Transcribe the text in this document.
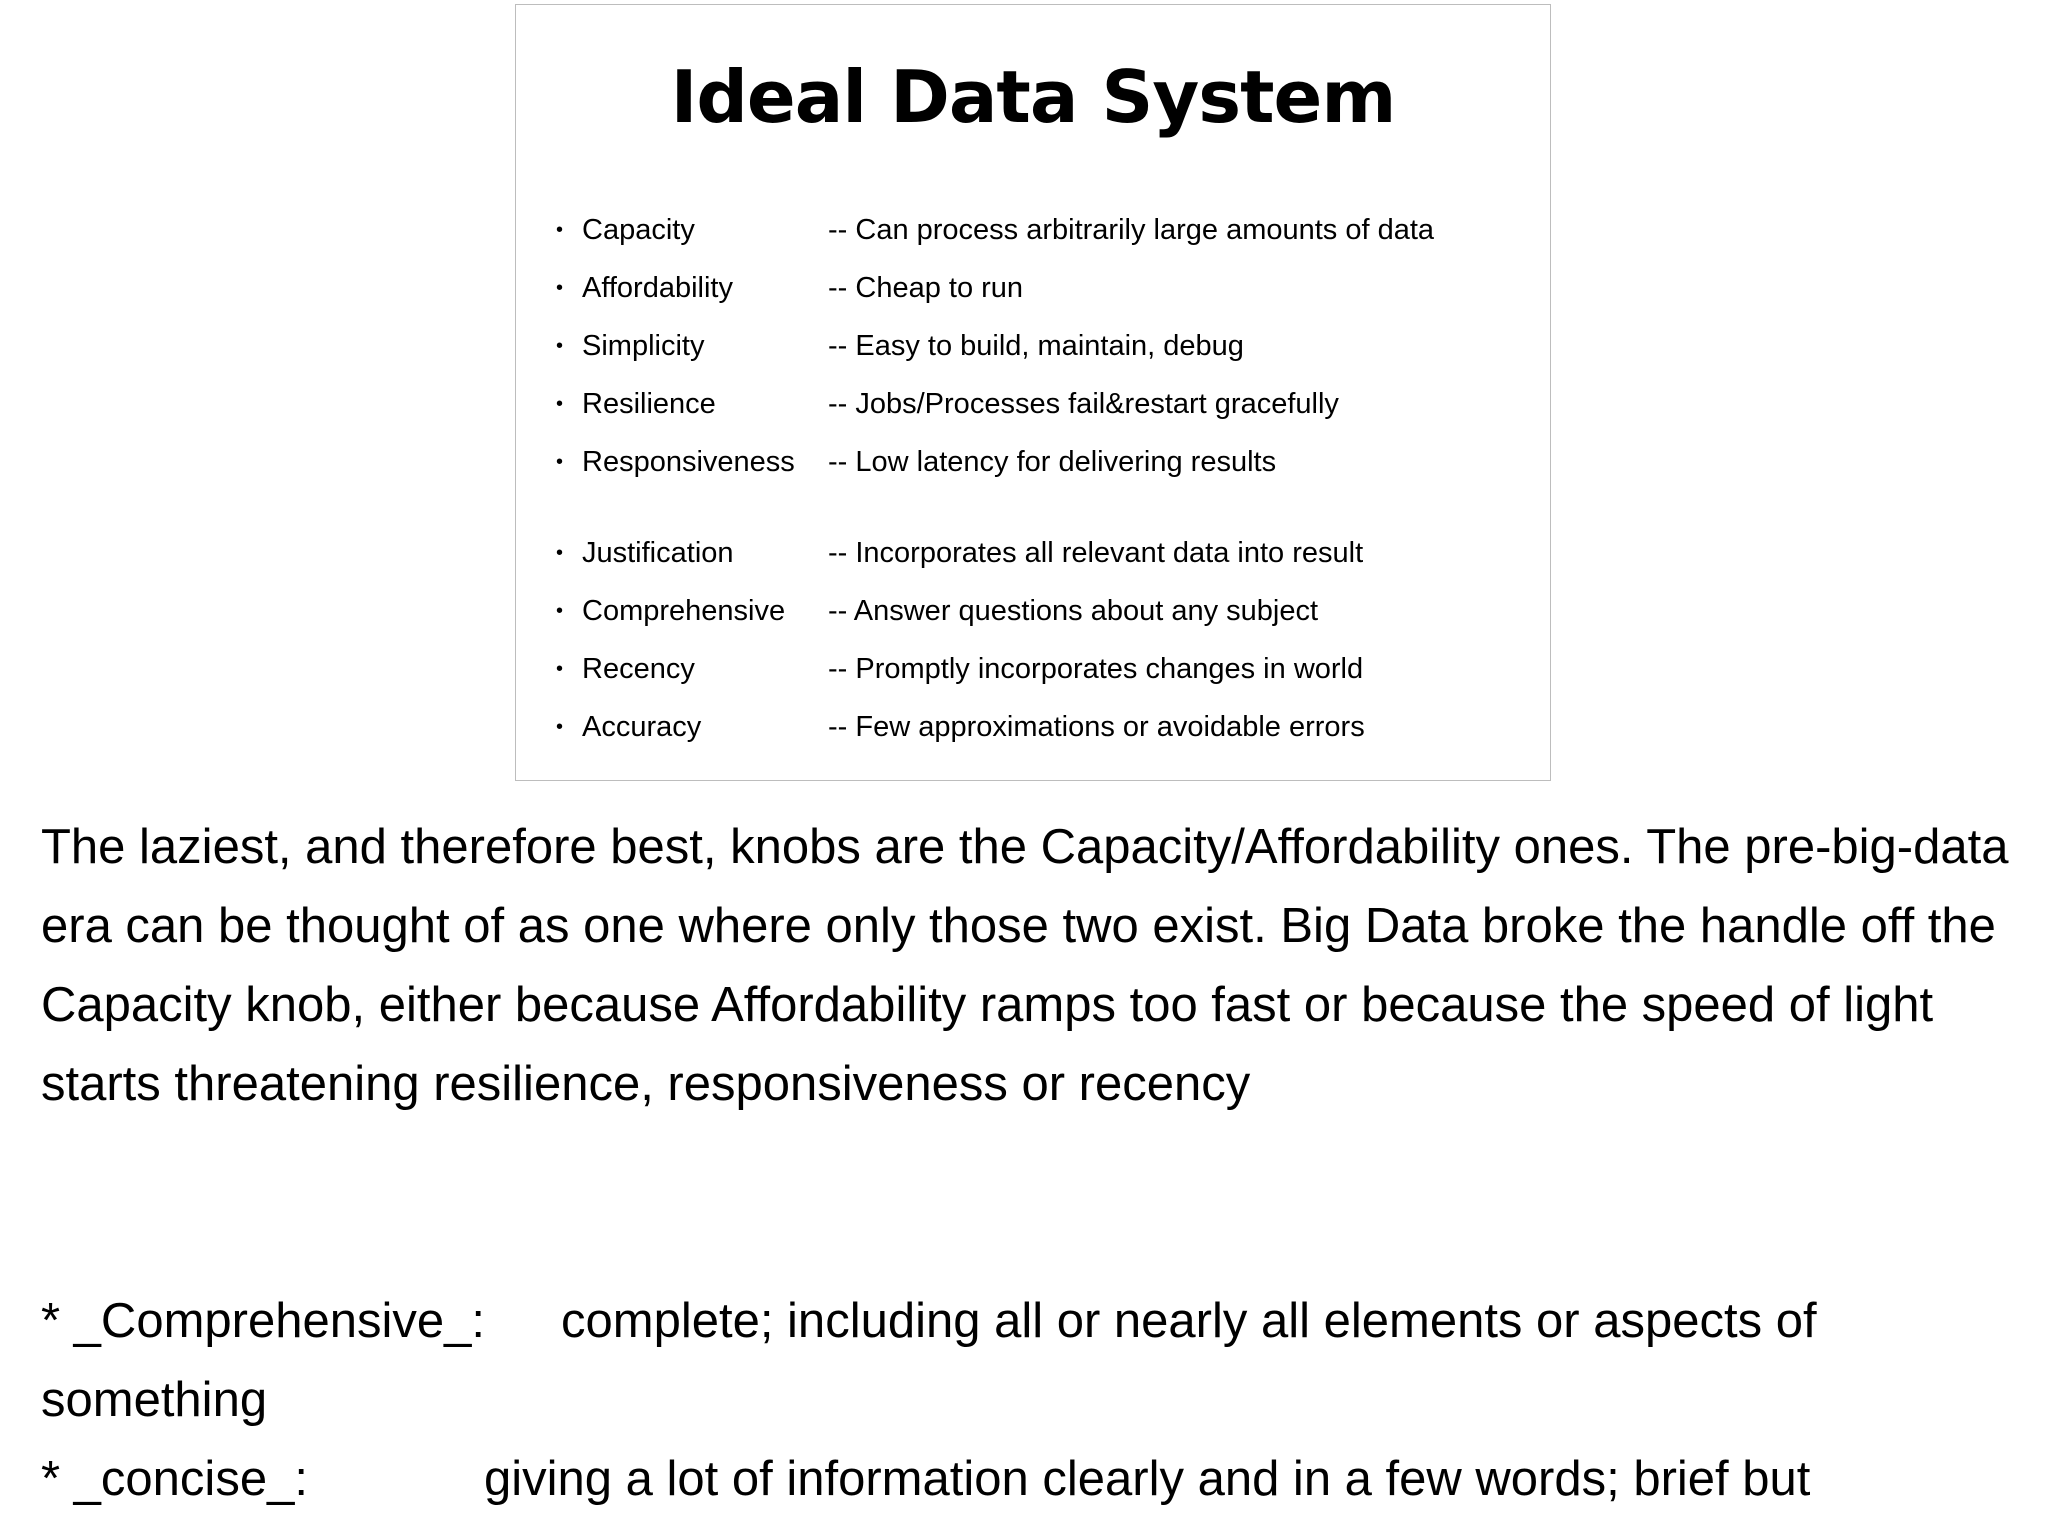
Ideal Data System
• Capacity	-- Can process arbitrarily large amounts of data
• Affordability	-- Cheap to run
• Simplicity	-- Easy to build, maintain, debug
• Resilience	-- Jobs/Processes fail&restart gracefully
• Responsiveness	-- Low latency for delivering results
• Justification	-- Incorporates all relevant data into result
• Comprehensive	-- Answer questions about any subject
• Recency	-- Promptly incorporates changes in world
• Accuracy	-- Few approximations or avoidable errors

The laziest, and therefore best, knobs are the Capacity/Affordability ones. The pre-big-data era can be thought of as one where only those two exist. Big Data broke the handle off the Capacity knob, either because Affordability ramps too fast or because the speed of light starts threatening resilience, responsiveness or recency

* _Comprehensive_: complete; including all or nearly all elements or aspects of
something
* _concise_:	giving a lot of information clearly and in a few words; brief but
